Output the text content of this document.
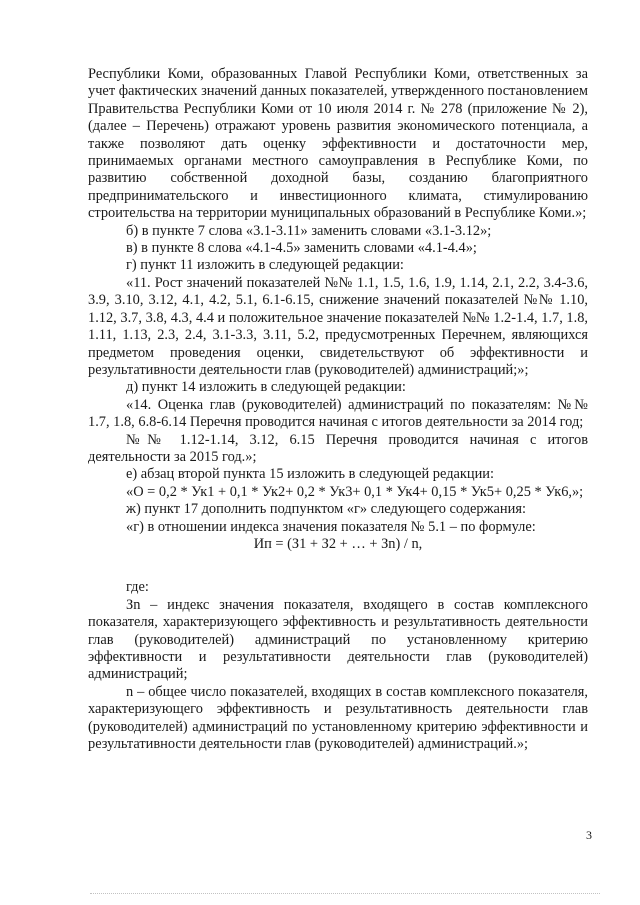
Республики Коми, образованных Главой Республики Коми, ответственных за учет фактических значений данных показателей, утвержденного постановлением Правительства Республики Коми от 10 июля 2014 г. № 278 (приложение № 2), (далее – Перечень) отражают уровень развития экономического потенциала, а также позволяют дать оценку эффективности и достаточности мер, принимаемых органами местного самоуправления в Республике Коми, по развитию собственной доходной базы, созданию благоприятного предпринимательского и инвестиционного климата, стимулированию строительства на территории муниципальных образований в Республике Коми.»;

б) в пункте 7 слова «3.1-3.11» заменить словами «3.1-3.12»;

в) в пункте 8 слова «4.1-4.5» заменить словами «4.1-4.4»;

г) пункт 11 изложить в следующей редакции:

«11. Рост значений показателей №№ 1.1, 1.5, 1.6, 1.9, 1.14, 2.1, 2.2, 3.4-3.6, 3.9, 3.10, 3.12, 4.1, 4.2, 5.1, 6.1-6.15, снижение значений показателей №№ 1.10, 1.12, 3.7, 3.8, 4.3, 4.4 и положительное значение показателей №№ 1.2-1.4, 1.7, 1.8, 1.11, 1.13, 2.3, 2.4, 3.1-3.3, 3.11, 5.2, предусмотренных Перечнем, являющихся предметом проведения оценки, свидетельствуют об эффективности и результативности деятельности глав (руководителей) администраций;»;

д) пункт 14 изложить в следующей редакции:

«14. Оценка глав (руководителей) администраций по показателям: №№ 1.7, 1.8, 6.8-6.14 Перечня проводится начиная с итогов деятельности за 2014 год;

№№ 1.12-1.14, 3.12, 6.15 Перечня проводится начиная с итогов деятельности за 2015 год.»;

е) абзац второй пункта 15 изложить в следующей редакции:

«О = 0,2 * Ук1 + 0,1 * Ук2+ 0,2 * Ук3+ 0,1 * Ук4+ 0,15 * Ук5+ 0,25 * Ук6,»;

ж) пункт 17 дополнить подпунктом «г» следующего содержания:

«г) в отношении индекса значения показателя № 5.1 – по формуле:

Ип = (З1 + З2 + … + Зn) / n,

где:

Зn – индекс значения показателя, входящего в состав комплексного показателя, характеризующего эффективность и результативность деятельности глав (руководителей) администраций по установленному критерию эффективности и результативности деятельности глав (руководителей) администраций;

n – общее число показателей, входящих в состав комплексного показателя, характеризующего эффективность и результативность деятельности глав (руководителей) администраций по установленному критерию эффективности и результативности деятельности глав (руководителей) администраций.»;

3
